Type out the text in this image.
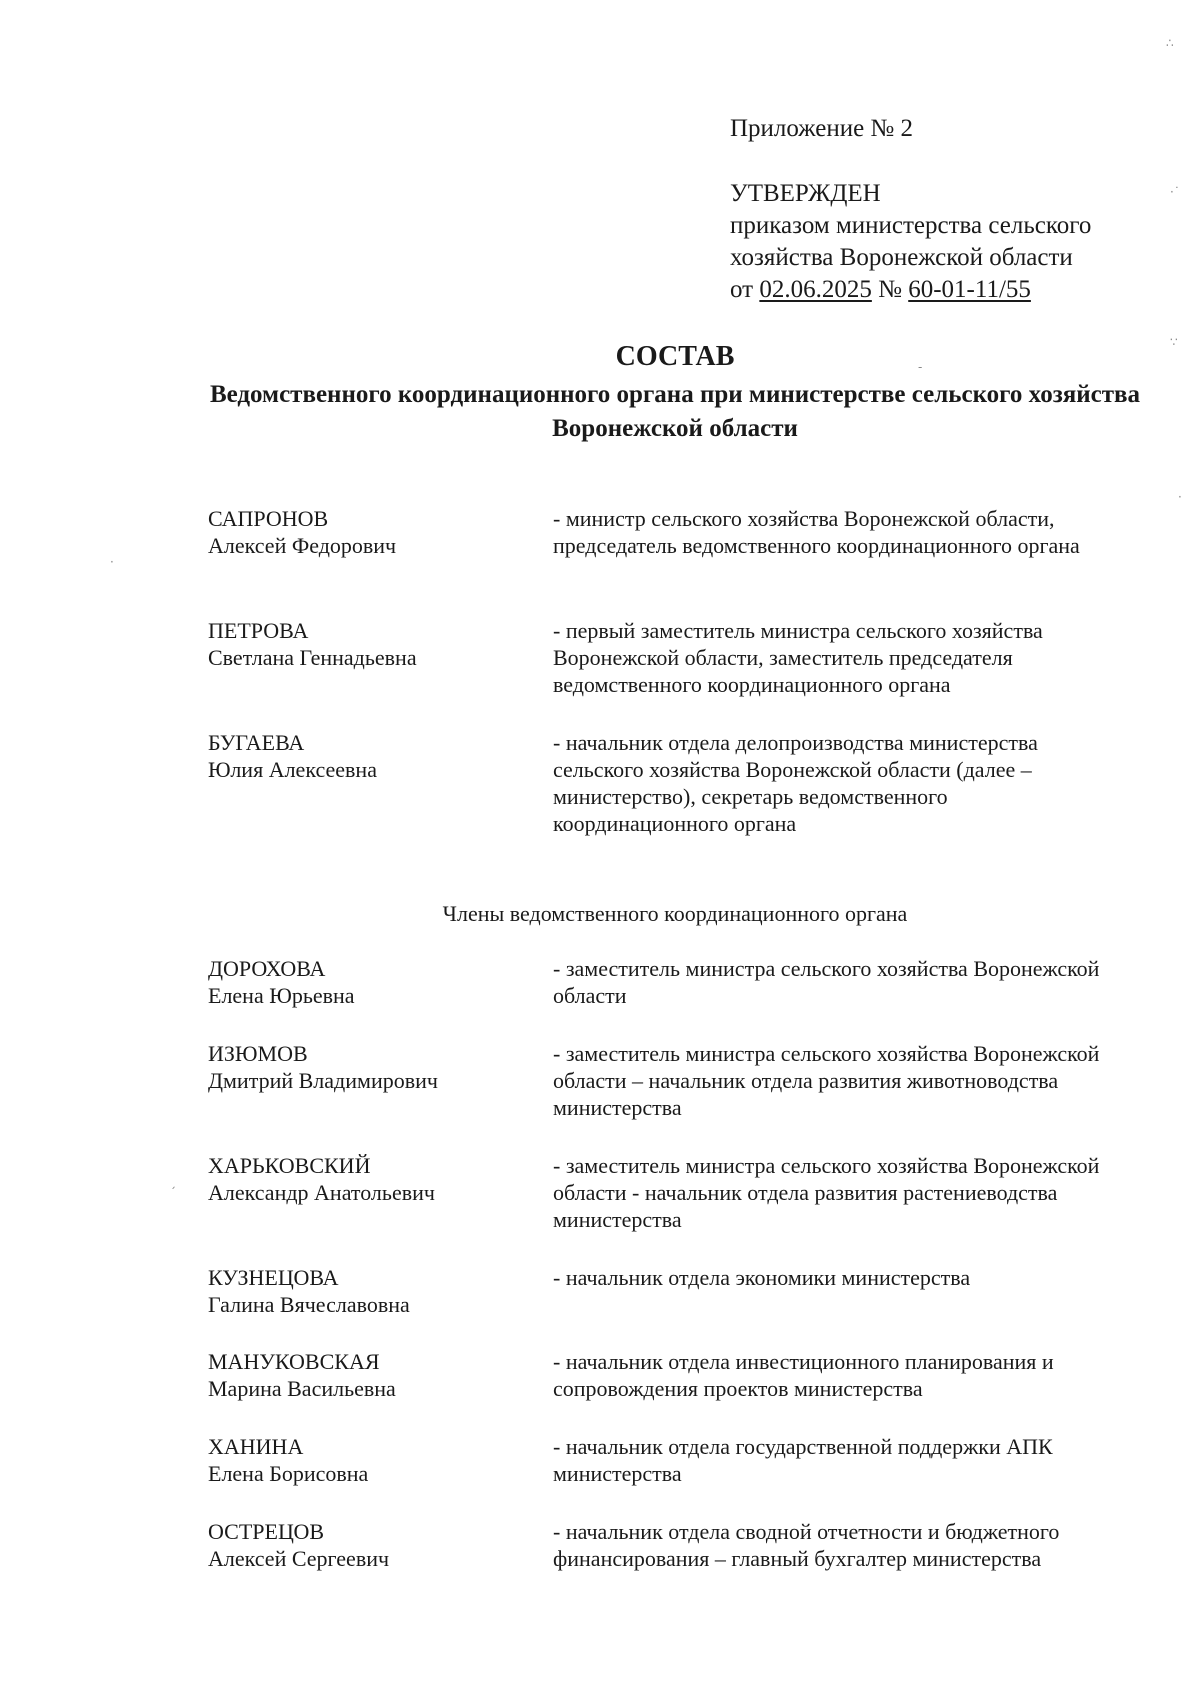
Приложение № 2
УТВЕРЖДЕН
приказом министерства сельского
хозяйства Воронежской области
от 02.06.2025 № 60-01-11/55
СОСТАВ
Ведомственного координационного органа при министерстве сельского хозяйства Воронежской области
САПРОНОВ
Алексей Федорович
- министр сельского хозяйства Воронежской области, председатель ведомственного координационного органа
ПЕТРОВА
Светлана Геннадьевна
- первый заместитель министра сельского хозяйства Воронежской области, заместитель председателя ведомственного координационного органа
БУГАЕВА
Юлия Алексеевна
- начальник отдела делопроизводства министерства сельского хозяйства Воронежской области (далее – министерство), секретарь ведомственного координационного органа
Члены ведомственного координационного органа
ДОРОХОВА
Елена Юрьевна
- заместитель министра сельского хозяйства Воронежской области
ИЗЮМОВ
Дмитрий Владимирович
- заместитель министра сельского хозяйства Воронежской области – начальник отдела развития животноводства министерства
ХАРЬКОВСКИЙ
Александр Анатольевич
- заместитель министра сельского хозяйства Воронежской области - начальник отдела развития растениеводства министерства
КУЗНЕЦОВА
Галина Вячеславовна
- начальник отдела экономики министерства
МАНУКОВСКАЯ
Марина Васильевна
- начальник отдела инвестиционного планирования и сопровождения проектов министерства
ХАНИНА
Елена Борисовна
- начальник отдела государственной поддержки АПК министерства
ОСТРЕЦОВ
Алексей Сергеевич
- начальник отдела сводной отчетности и бюджетного финансирования – главный бухгалтер министерства
∴
·˙
∵
·
·
ˏ
-
